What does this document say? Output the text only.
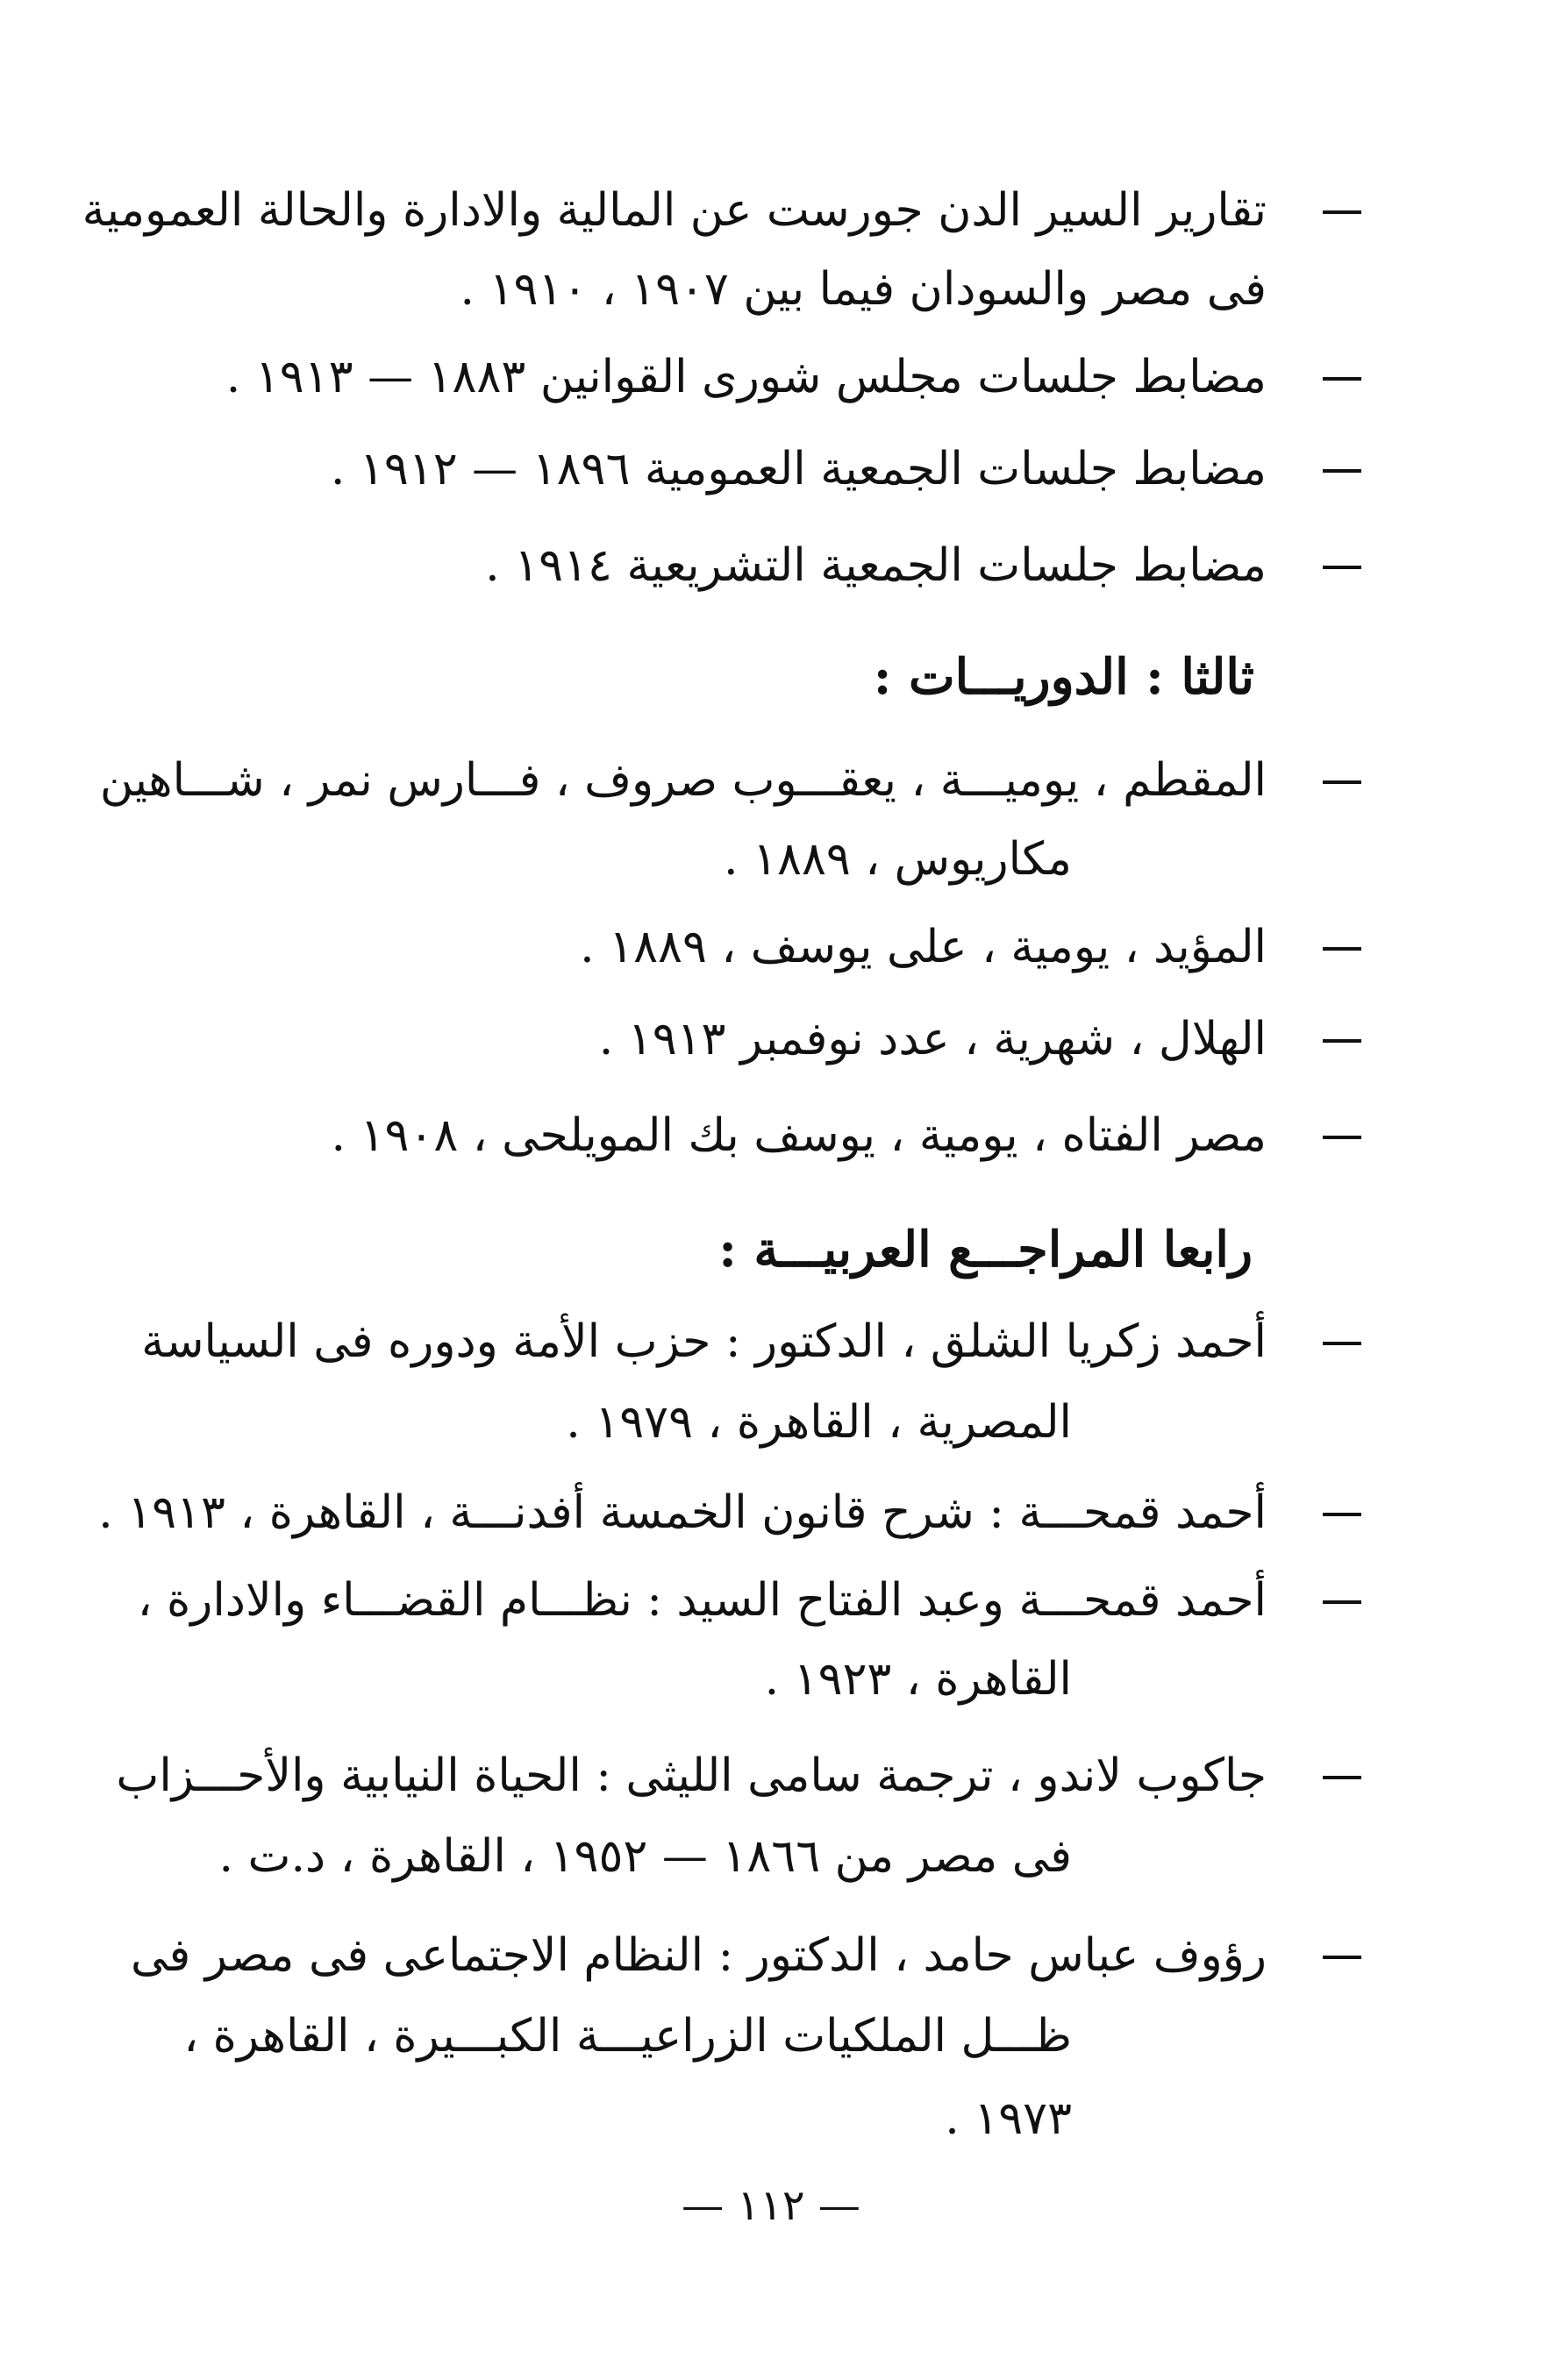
تقارير السير الدن جورست عن المالية والادارة والحالة العمومية
فى مصر والسودان فيما بين ١٩٠٧ ، ١٩١٠ .
مضابط جلسات مجلس شورى القوانين ١٨٨٣ — ١٩١٣ .
مضابط جلسات الجمعية العمومية ١٨٩٦ — ١٩١٢ .
مضابط جلسات الجمعية التشريعية ١٩١٤ .
ثالثا : الدوريـــات :
المقطم ، يوميـــة ، يعقـــوب صروف ، فـــارس نمر ، شـــاهين
مكاريوس ، ١٨٨٩ .
المؤيد ، يومية ، على يوسف ، ١٨٨٩ .
الهلال ، شهرية ، عدد نوفمبر ١٩١٣ .
مصر الفتاه ، يومية ، يوسف بك المويلحى ، ١٩٠٨ .
رابعا المراجـــع العربيـــة :
أحمد زكريا الشلق ، الدكتور : حزب الأمة ودوره فى السياسة
المصرية ، القاهرة ، ١٩٧٩ .
أحمد قمحـــة : شرح قانون الخمسة أفدنـــة ، القاهرة ، ١٩١٣ .
أحمد قمحـــة وعبد الفتاح السيد : نظـــام القضـــاء والادارة ،
القاهرة ، ١٩٢٣ .
جاكوب لاندو ، ترجمة سامى الليثى : الحياة النيابية والأحـــزاب
فى مصر من ١٨٦٦ — ١٩٥٢ ، القاهرة ، د.ت .
رؤوف عباس حامد ، الدكتور : النظام الاجتماعى فى مصر فى
ظـــل الملكيات الزراعيـــة الكبـــيرة ، القاهرة ،
١٩٧٣ .
— ١١٢ —
